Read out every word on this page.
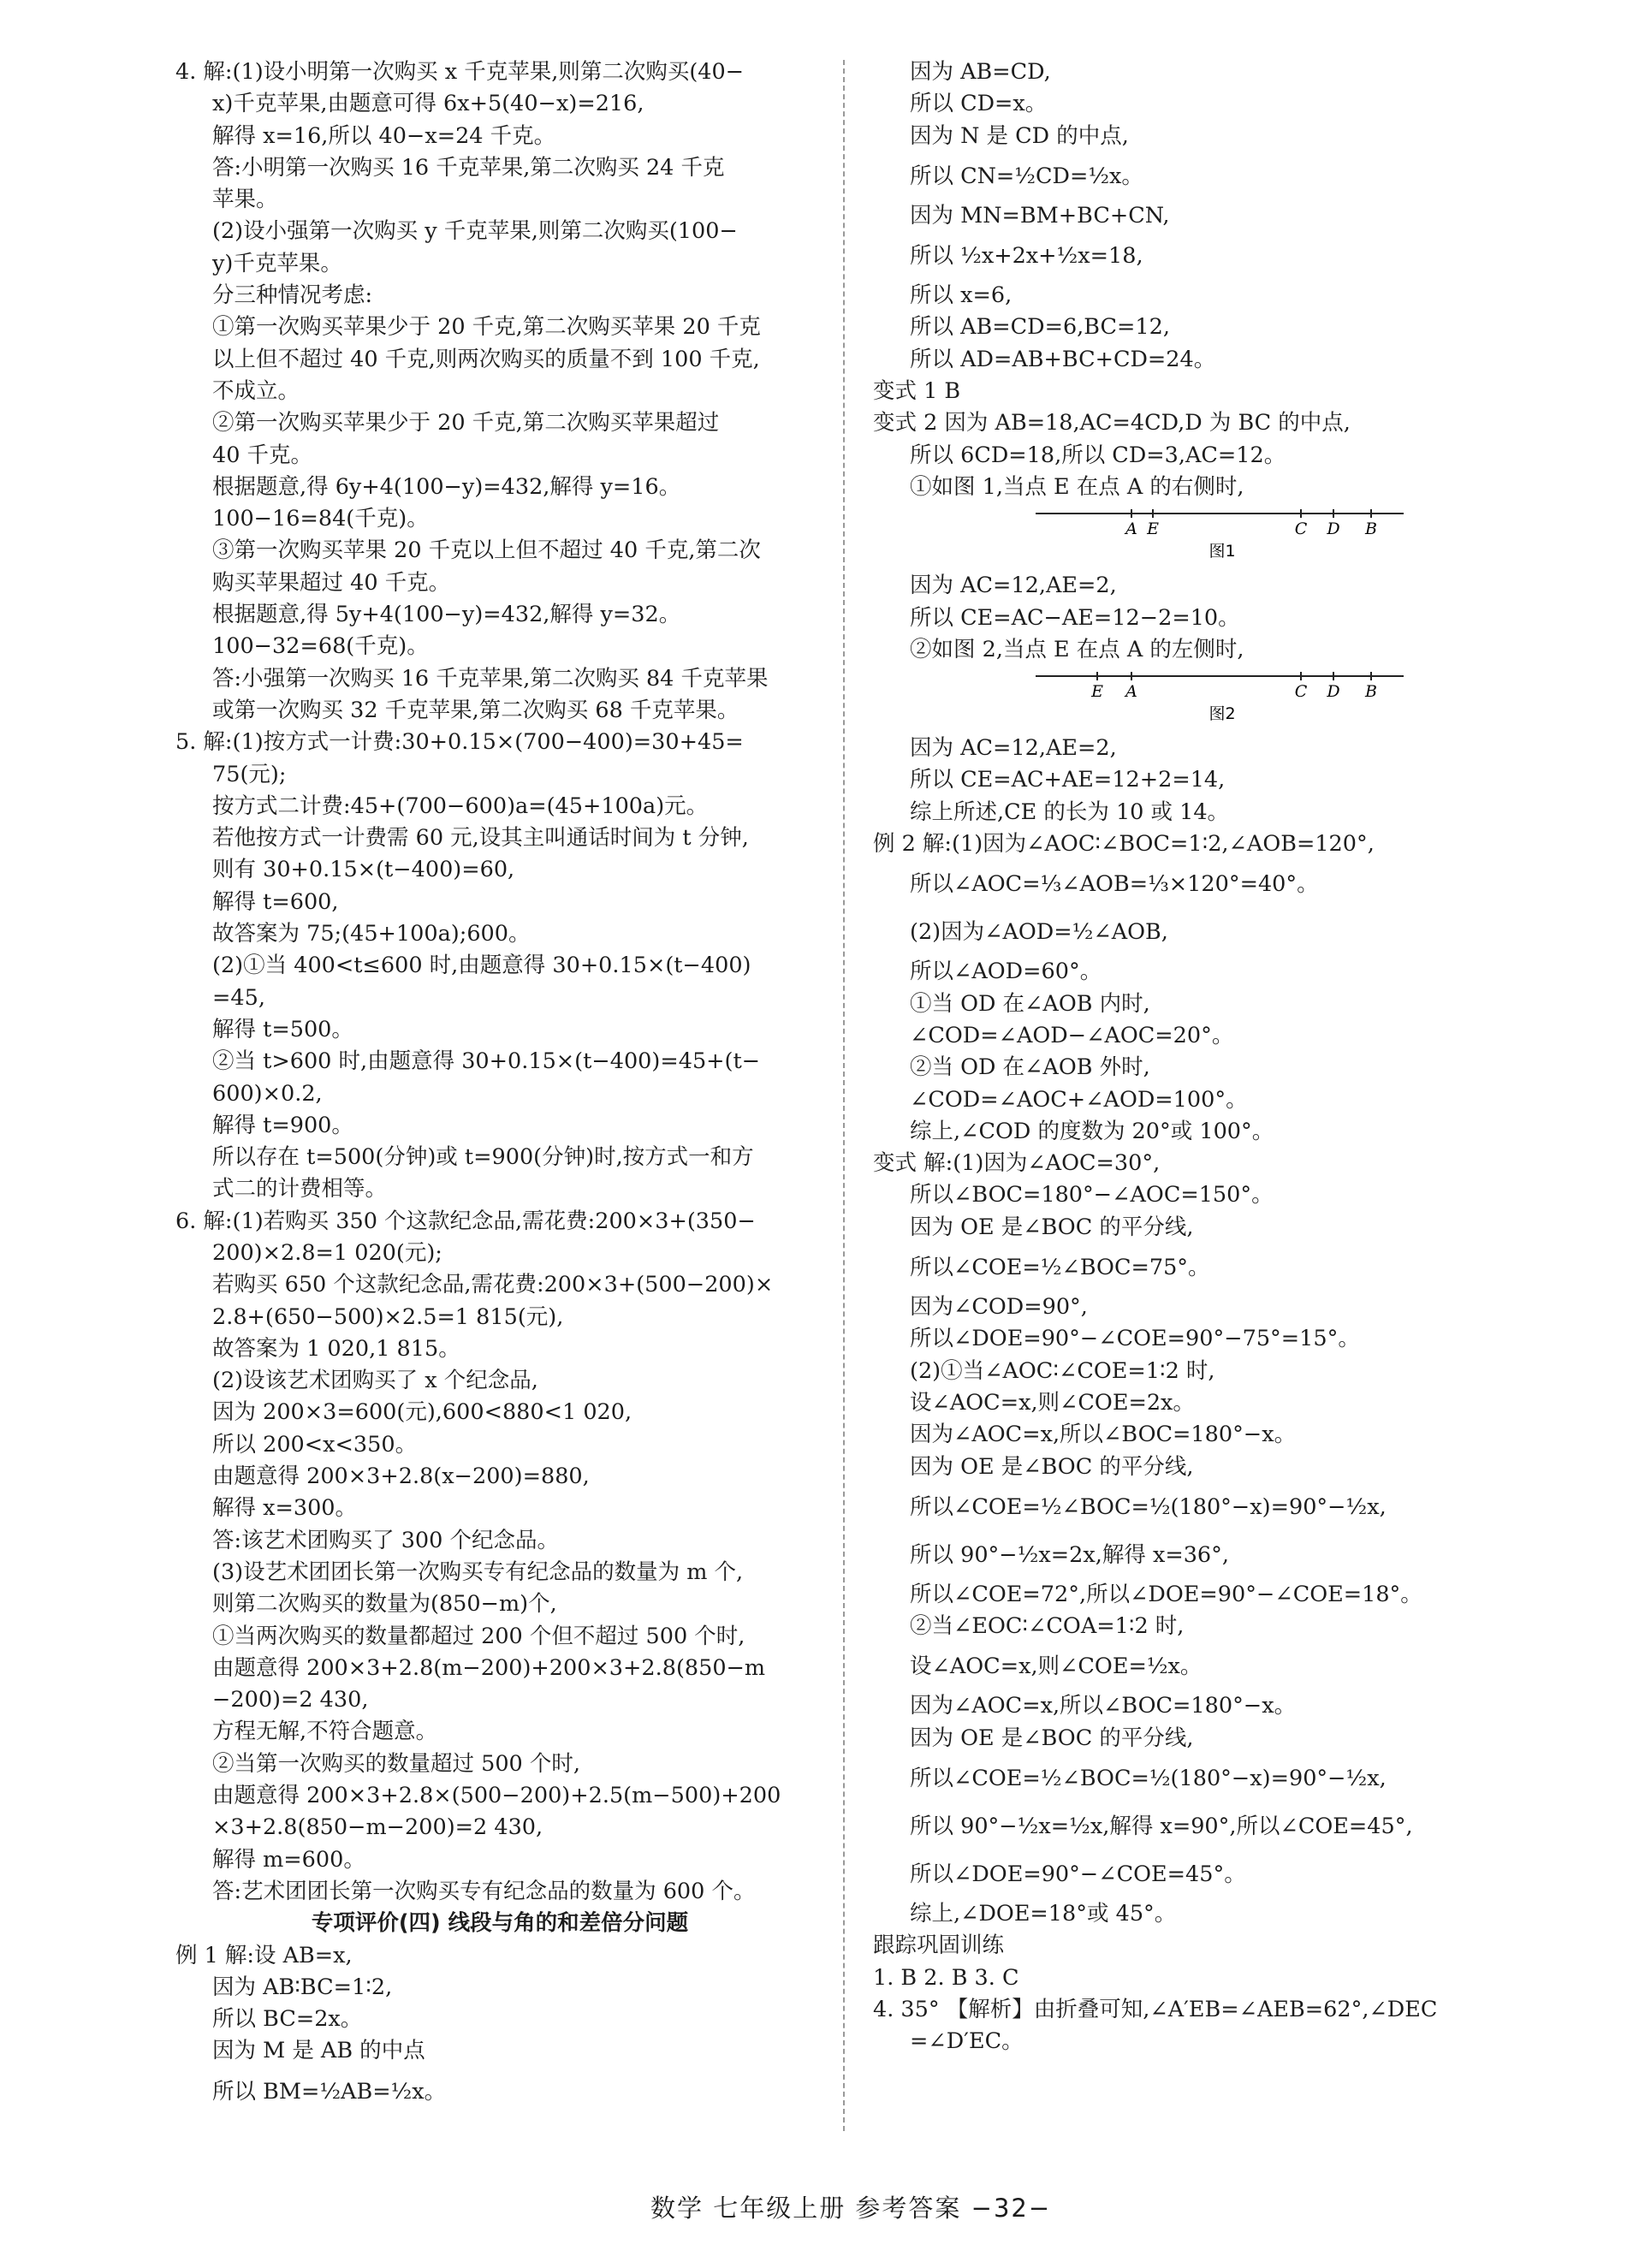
4. 解:(1)设小明第一次购买 x 千克苹果,则第二次购买(40−
x)千克苹果,由题意可得 6x+5(40−x)=216,
解得 x=16,所以 40−x=24 千克。
答:小明第一次购买 16 千克苹果,第二次购买 24 千克
苹果。
(2)设小强第一次购买 y 千克苹果,则第二次购买(100−
y)千克苹果。
分三种情况考虑:
①第一次购买苹果少于 20 千克,第二次购买苹果 20 千克
以上但不超过 40 千克,则两次购买的质量不到 100 千克,
不成立。
②第一次购买苹果少于 20 千克,第二次购买苹果超过
40 千克。
根据题意,得 6y+4(100−y)=432,解得 y=16。
100−16=84(千克)。
③第一次购买苹果 20 千克以上但不超过 40 千克,第二次
购买苹果超过 40 千克。
根据题意,得 5y+4(100−y)=432,解得 y=32。
100−32=68(千克)。
答:小强第一次购买 16 千克苹果,第二次购买 84 千克苹果
或第一次购买 32 千克苹果,第二次购买 68 千克苹果。
5. 解:(1)按方式一计费:30+0.15×(700−400)=30+45=
75(元);
按方式二计费:45+(700−600)a=(45+100a)元。
若他按方式一计费需 60 元,设其主叫通话时间为 t 分钟,
则有 30+0.15×(t−400)=60,
解得 t=600,
故答案为 75;(45+100a);600。
(2)①当 400<t≤600 时,由题意得 30+0.15×(t−400)
=45,
解得 t=500。
②当 t>600 时,由题意得 30+0.15×(t−400)=45+(t−
600)×0.2,
解得 t=900。
所以存在 t=500(分钟)或 t=900(分钟)时,按方式一和方
式二的计费相等。
6. 解:(1)若购买 350 个这款纪念品,需花费:200×3+(350−
200)×2.8=1 020(元);
若购买 650 个这款纪念品,需花费:200×3+(500−200)×
2.8+(650−500)×2.5=1 815(元),
故答案为 1 020,1 815。
(2)设该艺术团购买了 x 个纪念品,
因为 200×3=600(元),600<880<1 020,
所以 200<x<350。
由题意得 200×3+2.8(x−200)=880,
解得 x=300。
答:该艺术团购买了 300 个纪念品。
(3)设艺术团团长第一次购买专有纪念品的数量为 m 个,
则第二次购买的数量为(850−m)个,
①当两次购买的数量都超过 200 个但不超过 500 个时,
由题意得 200×3+2.8(m−200)+200×3+2.8(850−m
−200)=2 430,
方程无解,不符合题意。
②当第一次购买的数量超过 500 个时,
由题意得 200×3+2.8×(500−200)+2.5(m−500)+200
×3+2.8(850−m−200)=2 430,
解得 m=600。
答:艺术团团长第一次购买专有纪念品的数量为 600 个。
专项评价(四) 线段与角的和差倍分问题
例 1 解:设 AB=x,
因为 AB∶BC=1∶2,
所以 BC=2x。
因为 M 是 AB 的中点
所以 BM=½AB=½x。
因为 AB=CD,
所以 CD=x。
因为 N 是 CD 的中点,
所以 CN=½CD=½x。
因为 MN=BM+BC+CN,
所以 ½x+2x+½x=18,
所以 x=6,
所以 AB=CD=6,BC=12,
所以 AD=AB+BC+CD=24。
变式 1 B
变式 2 因为 AB=18,AC=4CD,D 为 BC 的中点,
所以 6CD=18,所以 CD=3,AC=12。
①如图 1,当点 E 在点 A 的右侧时,
A E	C D B
图1
因为 AC=12,AE=2,
所以 CE=AC−AE=12−2=10。
②如图 2,当点 E 在点 A 的左侧时,
E A	C D B
图2
因为 AC=12,AE=2,
所以 CE=AC+AE=12+2=14,
综上所述,CE 的长为 10 或 14。
例 2 解:(1)因为∠AOC∶∠BOC=1∶2,∠AOB=120°,
所以∠AOC=⅓∠AOB=⅓×120°=40°。
(2)因为∠AOD=½∠AOB,
所以∠AOD=60°。
①当 OD 在∠AOB 内时,
∠COD=∠AOD−∠AOC=20°。
②当 OD 在∠AOB 外时,
∠COD=∠AOC+∠AOD=100°。
综上,∠COD 的度数为 20°或 100°。
变式 解:(1)因为∠AOC=30°,
所以∠BOC=180°−∠AOC=150°。
因为 OE 是∠BOC 的平分线,
所以∠COE=½∠BOC=75°。
因为∠COD=90°,
所以∠DOE=90°−∠COE=90°−75°=15°。
(2)①当∠AOC∶∠COE=1∶2 时,
设∠AOC=x,则∠COE=2x。
因为∠AOC=x,所以∠BOC=180°−x。
因为 OE 是∠BOC 的平分线,
所以∠COE=½∠BOC=½(180°−x)=90°−½x,
所以 90°−½x=2x,解得 x=36°,
所以∠COE=72°,所以∠DOE=90°−∠COE=18°。
②当∠EOC∶∠COA=1∶2 时,
设∠AOC=x,则∠COE=½x。
因为∠AOC=x,所以∠BOC=180°−x。
因为 OE 是∠BOC 的平分线,
所以∠COE=½∠BOC=½(180°−x)=90°−½x,
所以 90°−½x=½x,解得 x=90°,所以∠COE=45°,
所以∠DOE=90°−∠COE=45°。
综上,∠DOE=18°或 45°。
跟踪巩固训练
1. B 2. B 3. C
4. 35° 【解析】由折叠可知,∠A′EB=∠AEB=62°,∠DEC
=∠D′EC。
数学 七年级上册 参考答案 −32−
